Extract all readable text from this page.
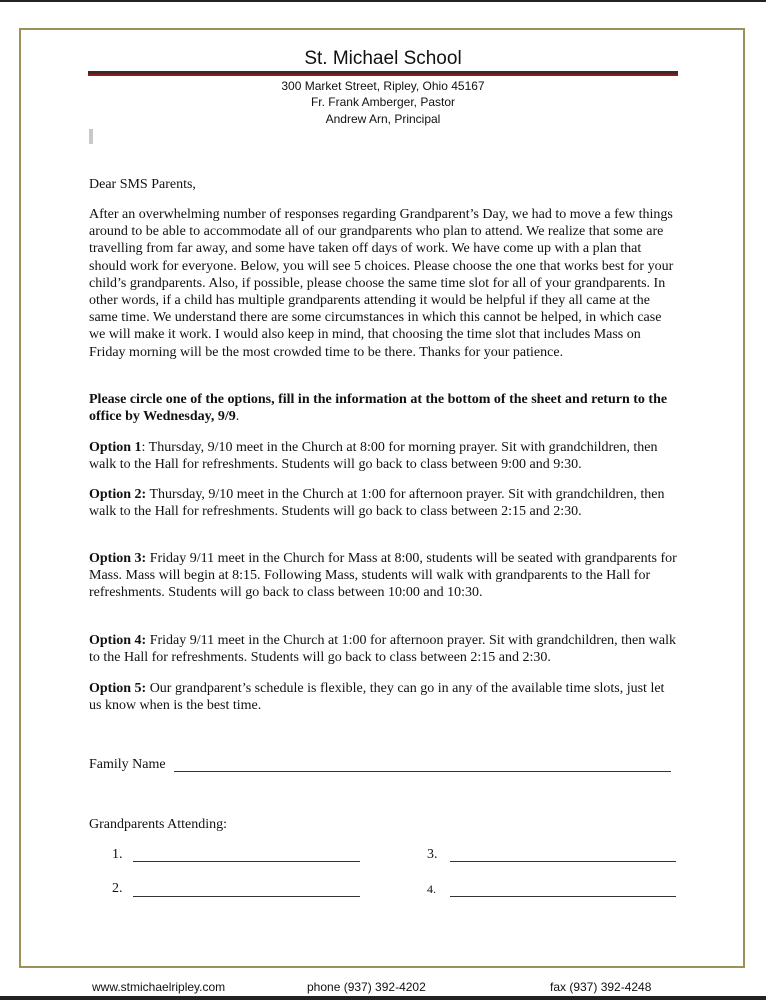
St. Michael School
300 Market Street, Ripley, Ohio 45167
Fr. Frank Amberger, Pastor
Andrew Arn, Principal
Dear SMS Parents,
After an overwhelming number of responses regarding Grandparent’s Day, we had to move a few things around to be able to accommodate all of our grandparents who plan to attend. We realize that some are travelling from far away, and some have taken off days of work. We have come up with a plan that should work for everyone. Below, you will see 5 choices. Please choose the one that works best for your child’s grandparents. Also, if possible, please choose the same time slot for all of your grandparents. In other words, if a child has multiple grandparents attending it would be helpful if they all came at the same time. We understand there are some circumstances in which this cannot be helped, in which case we will make it work. I would also keep in mind, that choosing the time slot that includes Mass on Friday morning will be the most crowded time to be there. Thanks for your patience.
Please circle one of the options, fill in the information at the bottom of the sheet and return to the office by Wednesday, 9/9.
Option 1: Thursday, 9/10 meet in the Church at 8:00 for morning prayer. Sit with grandchildren, then walk to the Hall for refreshments. Students will go back to class between 9:00 and 9:30.
Option 2: Thursday, 9/10 meet in the Church at 1:00 for afternoon prayer. Sit with grandchildren, then walk to the Hall for refreshments. Students will go back to class between 2:15 and 2:30.
Option 3: Friday 9/11 meet in the Church for Mass at 8:00, students will be seated with grandparents for Mass. Mass will begin at 8:15. Following Mass, students will walk with grandparents to the Hall for refreshments. Students will go back to class between 10:00 and 10:30.
Option 4: Friday 9/11 meet in the Church at 1:00 for afternoon prayer. Sit with grandchildren, then walk to the Hall for refreshments. Students will go back to class between 2:15 and 2:30.
Option 5: Our grandparent’s schedule is flexible, they can go in any of the available time slots, just let us know when is the best time.
Family Name
Grandparents Attending:
1.
2.
3.
4.
www.stmichaelripley.com	phone (937) 392-4202	fax (937) 392-4248
